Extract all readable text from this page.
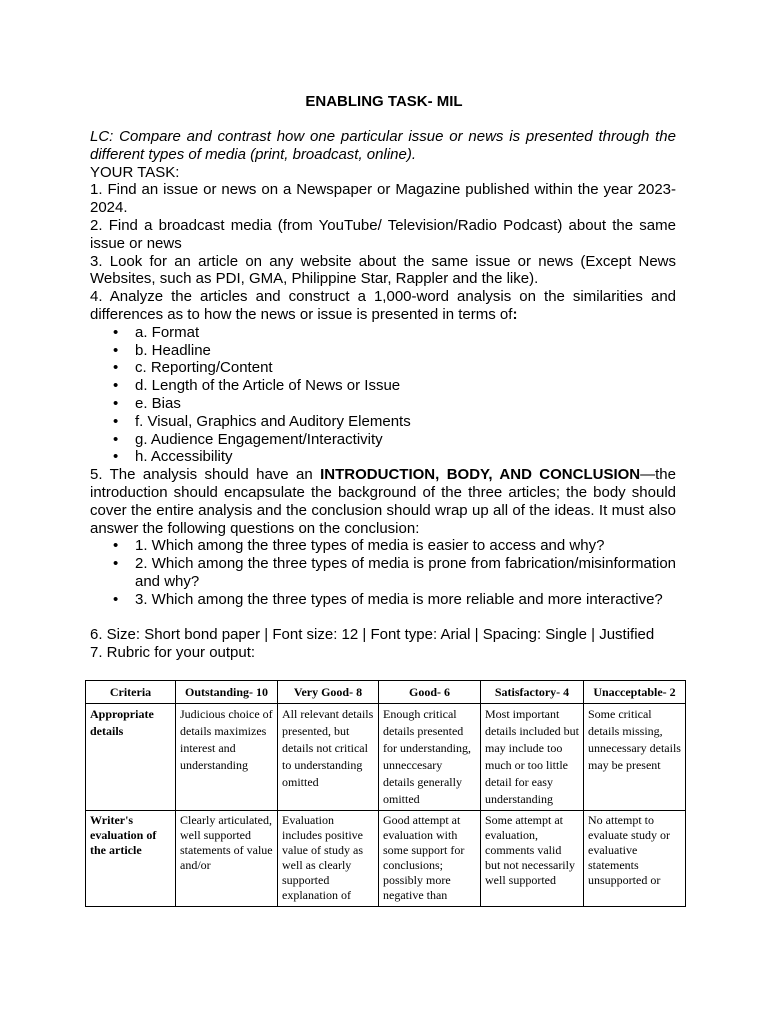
ENABLING TASK- MIL

LC: Compare and contrast how one particular issue or news is presented through the different types of media (print, broadcast, online).

YOUR TASK:

1. Find an issue or news on a Newspaper or Magazine published within the year 2023-2024.

2. Find a broadcast media (from YouTube/ Television/Radio Podcast) about the same issue or news

3. Look for an article on any website about the same issue or news (Except News Websites, such as PDI, GMA, Philippine Star, Rappler and the like).

4. Analyze the articles and construct a 1,000-word analysis on the similarities and differences as to how the news or issue is presented in terms of:

• a. Format
• b. Headline
• c. Reporting/Content
• d. Length of the Article of News or Issue
• e. Bias
• f. Visual, Graphics and Auditory Elements
• g. Audience Engagement/Interactivity
• h. Accessibility

5. The analysis should have an INTRODUCTION, BODY, AND CONCLUSION—the introduction should encapsulate the background of the three articles; the body should cover the entire analysis and the conclusion should wrap up all of the ideas. It must also answer the following questions on the conclusion:

• 1. Which among the three types of media is easier to access and why?
• 2. Which among the three types of media is prone from fabrication/misinformation and why?
• 3. Which among the three types of media is more reliable and more interactive?

6. Size: Short bond paper | Font size: 12 | Font type: Arial | Spacing: Single | Justified

7. Rubric for your output:

Criteria	Outstanding- 10	Very Good- 8	Good- 6	Satisfactory- 4	Unacceptable- 2
Appropriate details	Judicious choice of details maximizes interest and understanding	All relevant details presented, but details not critical to understanding omitted	Enough critical details presented for understanding, unneccesary details generally omitted	Most important details included but may include too much or too little detail for easy understanding	Some critical details missing, unnecessary details may be present
Writer's evaluation of the article	Clearly articulated, well supported statements of value and/or	Evaluation includes positive value of study as well as clearly supported explanation of	Good attempt at evaluation with some support for conclusions; possibly more negative than	Some attempt at evaluation, comments valid but not necessarily well supported	No attempt to evaluate study or evaluative statements unsupported or
